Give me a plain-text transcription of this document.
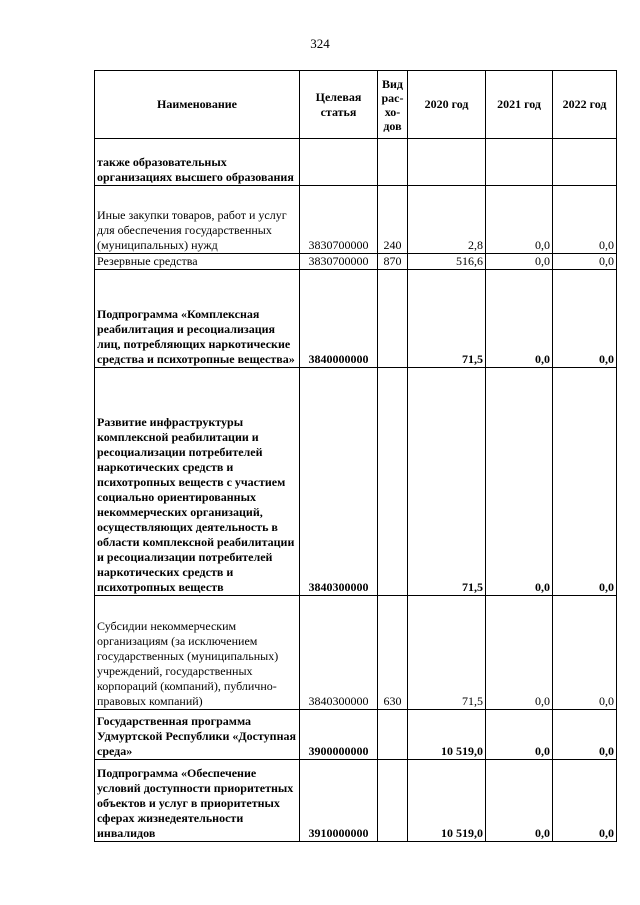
324
Наименование	Целевая статья	Вид рас-хо-дов	2020 год	2021 год	2022 год
также образовательных организациях высшего образования					
Иные закупки товаров, работ и услуг для обеспечения государственных (муниципальных) нужд	3830700000	240	2,8	0,0	0,0
Резервные средства	3830700000	870	516,6	0,0	0,0
Подпрограмма «Комплексная реабилитация и ресоциализация лиц, потребляющих наркотические средства и психотропные вещества»	3840000000		71,5	0,0	0,0
Развитие инфраструктуры комплексной реабилитации и ресоциализации потребителей наркотических средств и психотропных веществ с участием социально ориентированных некоммерческих организаций, осуществляющих деятельность в области комплексной реабилитации и ресоциализации потребителей наркотических средств и психотропных веществ	3840300000		71,5	0,0	0,0
Субсидии некоммерческим организациям (за исключением государственных (муниципальных) учреждений, государственных корпораций (компаний), публично-правовых компаний)	3840300000	630	71,5	0,0	0,0
Государственная программа Удмуртской Республики «Доступная среда»	3900000000		10 519,0	0,0	0,0
Подпрограмма «Обеспечение условий доступности приоритетных объектов и услуг в приоритетных сферах жизнедеятельности инвалидов	3910000000		10 519,0	0,0	0,0
